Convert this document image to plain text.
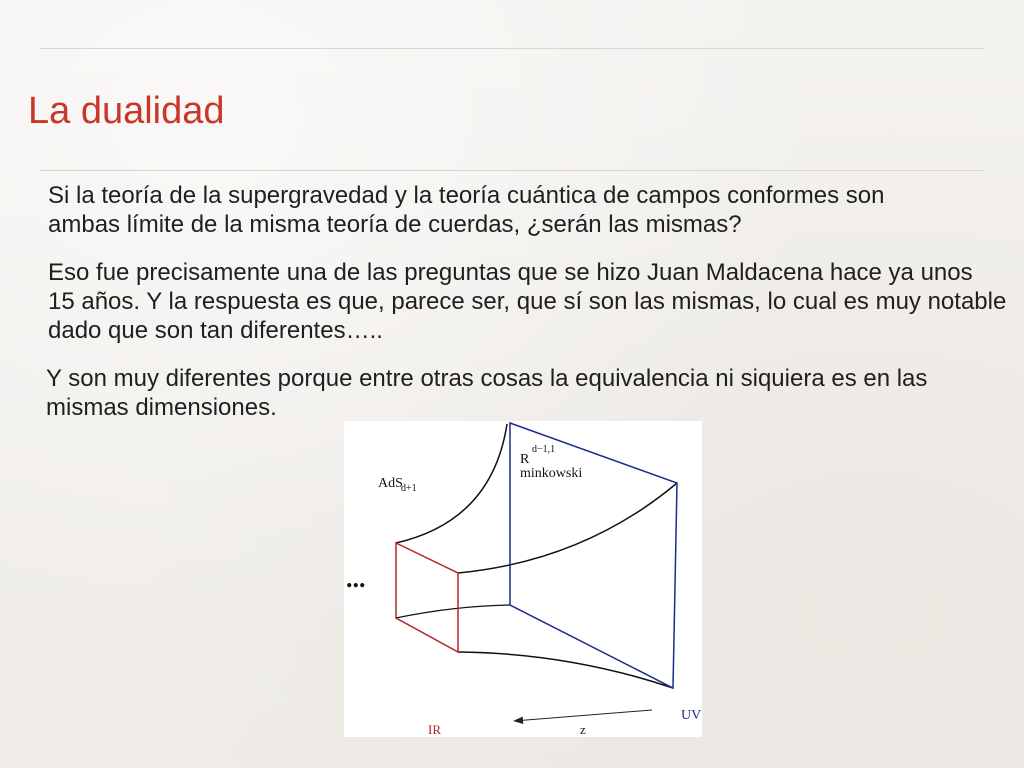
La dualidad
Si la teoría de la supergravedad y la teoría cuántica de campos conformes son
ambas límite de la misma teoría de cuerdas, ¿serán las mismas?
Eso fue precisamente una de las preguntas que se hizo Juan Maldacena hace ya unos
15 años. Y la respuesta es que, parece ser, que sí son las mismas, lo cual es muy notable
dado que son tan diferentes…..
Y son muy diferentes porque entre otras cosas la equivalencia ni siquiera es en las
mismas dimensiones.
AdS
d+1
R
d−1,1
minkowski
...
IR	z
UV
